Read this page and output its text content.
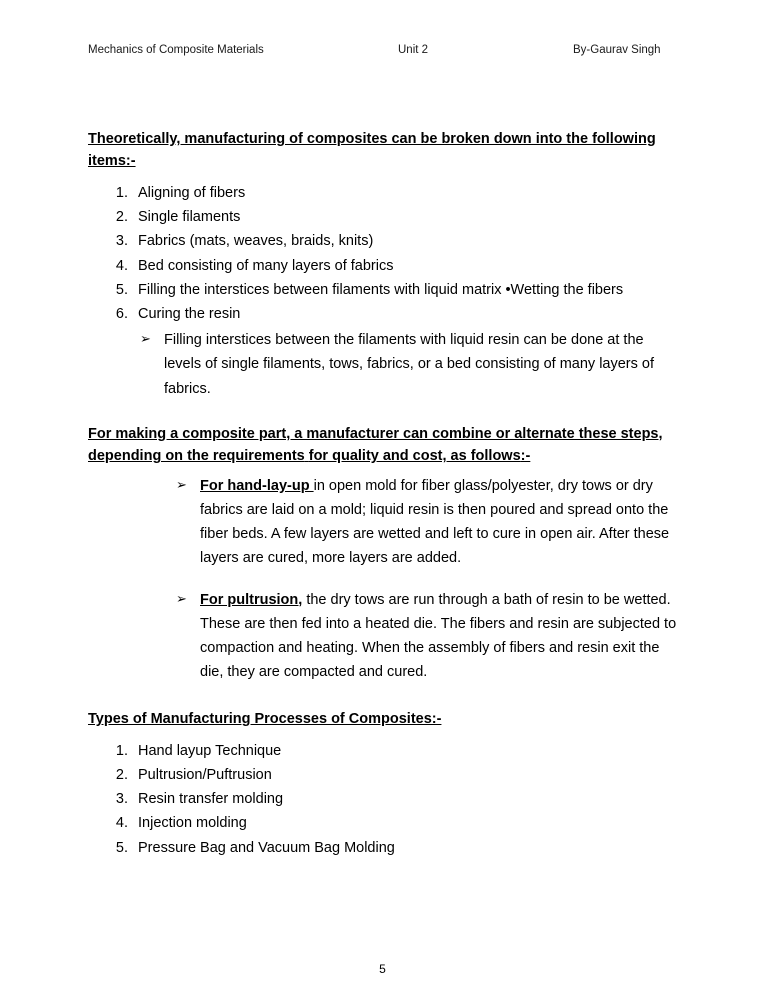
Mechanics of Composite Materials	Unit 2	By-Gaurav Singh

Theoretically, manufacturing of composites can be broken down into the following items:-

1. Aligning of fibers
2. Single filaments
3. Fabrics (mats, weaves, braids, knits)
4. Bed consisting of many layers of fabrics
5. Filling the interstices between filaments with liquid matrix •Wetting the fibers
6. Curing the resin
➢ Filling interstices between the filaments with liquid resin can be done at the levels of single filaments, tows, fabrics, or a bed consisting of many layers of fabrics.

For making a composite part, a manufacturer can combine or alternate these steps, depending on the requirements for quality and cost, as follows:-

➢ For hand-lay-up in open mold for fiber glass/polyester, dry tows or dry fabrics are laid on a mold; liquid resin is then poured and spread onto the fiber beds. A few layers are wetted and left to cure in open air. After these layers are cured, more layers are added.
➢ For pultrusion, the dry tows are run through a bath of resin to be wetted. These are then fed into a heated die. The fibers and resin are subjected to compaction and heating. When the assembly of fibers and resin exit the die, they are compacted and cured.

Types of Manufacturing Processes of Composites:-

1. Hand layup Technique
2. Pultrusion/Puftrusion
3. Resin transfer molding
4. Injection molding
5. Pressure Bag and Vacuum Bag Molding
5
